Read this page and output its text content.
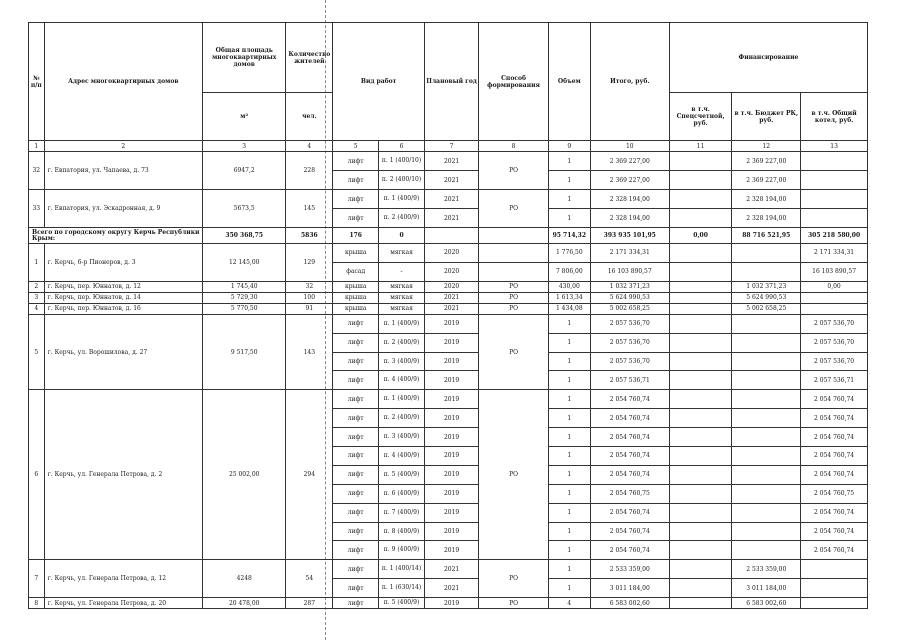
№ п/п	Адрес многоквартирных домов	Общая площадь многоквартирных домов	Количество жителей	Вид работ		Плановый год	Способ формирования	Объем	Итого, руб.	Финансирование		
		м²	чел.							в т.ч. Спецсчетной, руб.	в т.ч. Бюджет РК, руб.	в т.ч. Общий котел, руб.
1	2	3	4	5	6	7	8	9	10	11	12	13
32	г. Евпатория, ул. Чапаева, д. 73	6947,2	228	лифт	п. 1 (400/10)	2021	РО	1	2 369 227,00		2 369 227,00	
				лифт	п. 2 (400/10)	2021		1	2 369 227,00		2 369 227,00	
33	г. Евпатория, ул. Эскадронная, д. 9	5673,5	145	лифт	п. 1 (400/9)	2021	РО	1	2 328 194,00		2 328 194,00	
				лифт	п. 2 (400/9)	2021		1	2 328 194,00		2 328 194,00	
Всего по городскому округу Керчь Республики Крым:		350 368,75	5836	176	0			95 714,32	393 935 101,95	0,00	88 716 521,95	305 218 580,00
1	г. Керчь, 6-р Пионеров, д. 3	12 145,00	129	крыша	мягкая	2020		1 776,50	2 171 334,31			2 171 334,31
				фасад	-	2020		7 806,00	16 103 890,57			16 103 890,57
2	г. Керчь, пер. Юннатов, д. 12	1 745,40	32	крыша	мягкая	2020	РО	430,00	1 032 371,23		1 032 371,23	0,00
3	г. Керчь, пер. Юннатов, д. 14	5 729,30	100	крыша	мягкая	2021	РО	1 613,34	5 624 990,53		5 624 990,53	
4	г. Керчь, пер. Юннатов, д. 16	5 770,50	91	крыша	мягкая	2021	РО	1 434,08	5 002 658,25		5 002 658,25	
5	г. Керчь, ул. Ворошилова, д. 27	9 517,50	143	лифт	п. 1 (400/9)	2019	РО	1	2 057 536,70			2 057 536,70
				лифт	п. 2 (400/9)	2019		1	2 057 536,70			2 057 536,70
				лифт	п. 3 (400/9)	2019		1	2 057 536,70			2 057 536,70
				лифт	п. 4 (400/9)	2019		1	2 057 536,71			2 057 536,71
6	г. Керчь, ул. Генерала Петрова, д. 2	25 002,00	294	лифт	п. 1 (400/9)	2019	РО	1	2 054 760,74			2 054 760,74
				лифт	п. 2 (400/9)	2019		1	2 054 760,74			2 054 760,74
				лифт	п. 3 (400/9)	2019		1	2 054 760,74			2 054 760,74
				лифт	п. 4 (400/9)	2019		1	2 054 760,74			2 054 760,74
				лифт	п. 5 (400/9)	2019		1	2 054 760,74			2 054 760,74
				лифт	п. 6 (400/9)	2019		1	2 054 760,75			2 054 760,75
				лифт	п. 7 (400/9)	2019		1	2 054 760,74			2 054 760,74
				лифт	п. 8 (400/9)	2019		1	2 054 760,74			2 054 760,74
				лифт	п. 9 (400/9)	2019		1	2 054 760,74			2 054 760,74
7	г. Керчь, ул. Генерала Петрова, д. 12	4248	54	лифт	п. 1 (400/14)	2021	РО	1	2 533 359,00		2 533 359,00	
				лифт	п. 1 (630/14)	2021		1	3 011 184,00		3 011 184,00	
8	г. Керчь, ул. Генерала Петрова, д. 20	20 478,00	287	лифт	п. 5 (400/9)	2019	РО	4	6 583 002,60		6 583 002,60	
